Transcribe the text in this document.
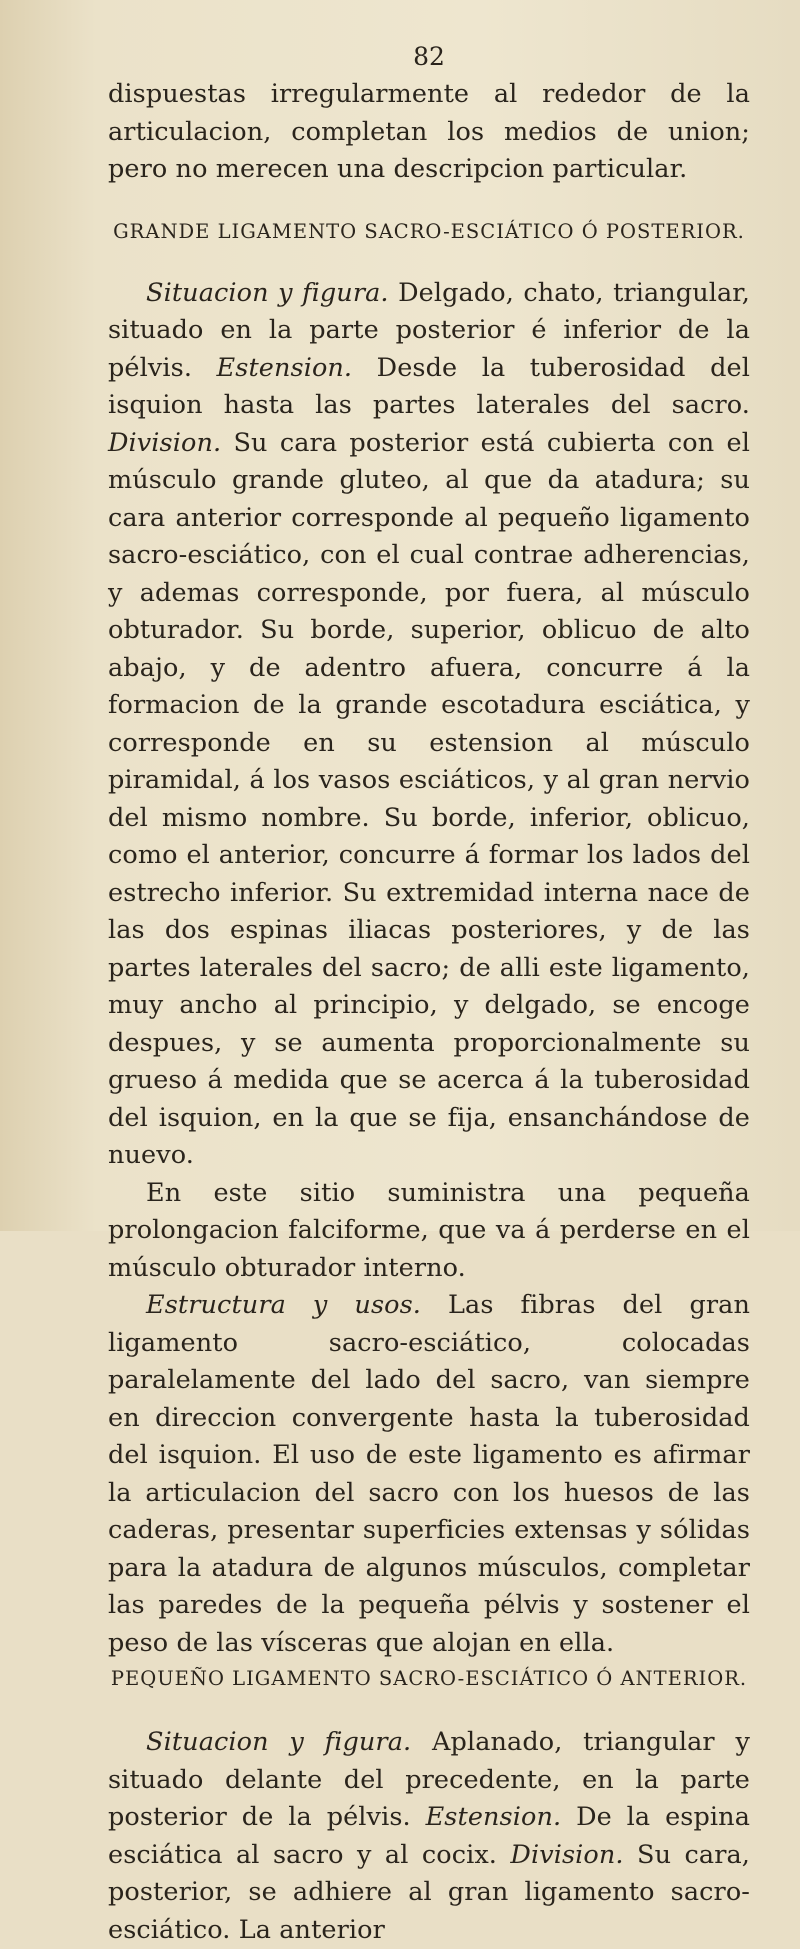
82

dispuestas irregularmente al rededor de la articulacion, completan los medios de union; pero no merecen una descripcion particular.

GRANDE LIGAMENTO SACRO-ESCIÁTICO Ó POSTERIOR.

Situacion y figura. Delgado, chato, triangular, situado en la parte posterior é inferior de la pélvis. Estension. Desde la tuberosidad del isquion hasta las partes laterales del sacro. Division. Su cara posterior está cubierta con el músculo grande gluteo, al que da atadura; su cara anterior corresponde al pequeño ligamento sacro-esciático, con el cual contrae adherencias, y ademas corresponde, por fuera, al músculo obturador. Su borde, superior, oblicuo de alto abajo, y de adentro afuera, concurre á la formacion de la grande escotadura esciática, y corresponde en su estension al músculo piramidal, á los vasos esciáticos, y al gran nervio del mismo nombre. Su borde, inferior, oblicuo, como el anterior, concurre á formar los lados del estrecho inferior. Su extremidad interna nace de las dos espinas iliacas posteriores, y de las partes laterales del sacro; de alli este ligamento, muy ancho al principio, y delgado, se encoge despues, y se aumenta proporcionalmente su grueso á medida que se acerca á la tuberosidad del isquion, en la que se fija, ensanchándose de nuevo.

En este sitio suministra una pequeña prolongacion falciforme, que va á perderse en el músculo obturador interno.

Estructura y usos. Las fibras del gran ligamento sacro-esciático, colocadas paralelamente del lado del sacro, van siempre en direccion convergente hasta la tuberosidad del isquion. El uso de este ligamento es afirmar la articulacion del sacro con los huesos de las caderas, presentar superficies extensas y sólidas para la atadura de algunos músculos, completar las paredes de la pequeña pélvis y sostener el peso de las vísceras que alojan en ella.

PEQUEÑO LIGAMENTO SACRO-ESCIÁTICO Ó ANTERIOR.

Situacion y figura. Aplanado, triangular y situado delante del precedente, en la parte posterior de la pélvis. Estension. De la espina esciática al sacro y al cocix. Division. Su cara, posterior, se adhiere al gran ligamento sacro-esciático. La anterior
